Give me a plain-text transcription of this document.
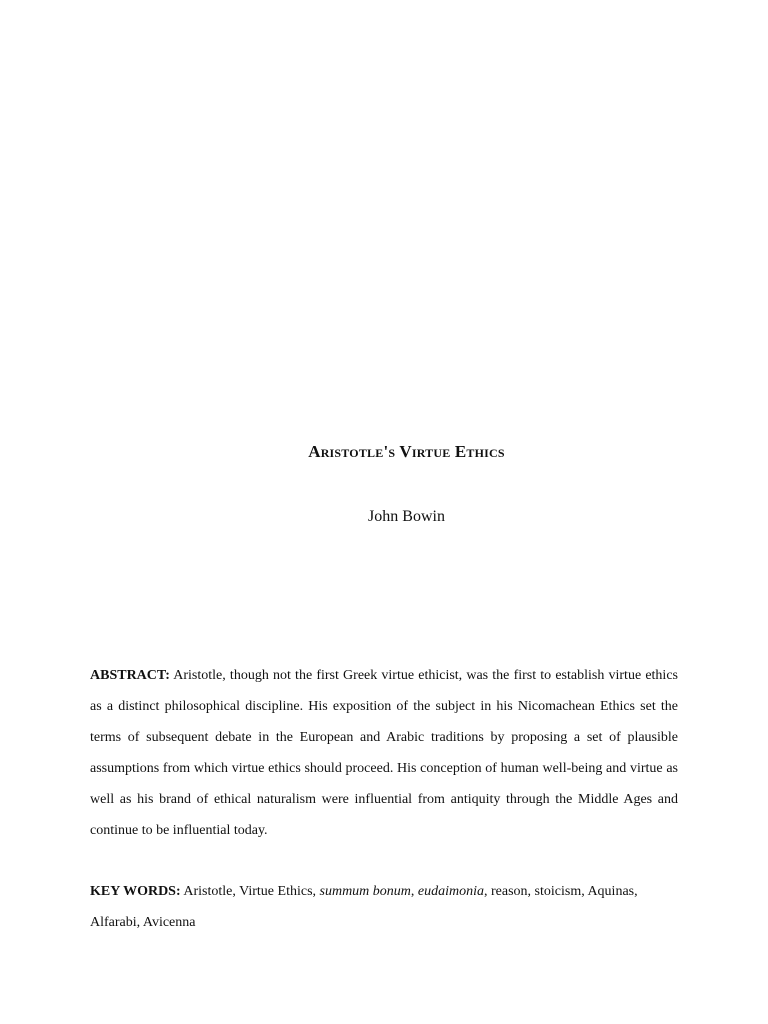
Aristotle's Virtue Ethics
John Bowin

ABSTRACT: Aristotle, though not the first Greek virtue ethicist, was the first to establish virtue ethics as a distinct philosophical discipline. His exposition of the subject in his Nicomachean Ethics set the terms of subsequent debate in the European and Arabic traditions by proposing a set of plausible assumptions from which virtue ethics should proceed. His conception of human well-being and virtue as well as his brand of ethical naturalism were influential from antiquity through the Middle Ages and continue to be influential today.

KEY WORDS: Aristotle, Virtue Ethics, summum bonum, eudaimonia, reason, stoicism, Aquinas, Alfarabi, Avicenna
